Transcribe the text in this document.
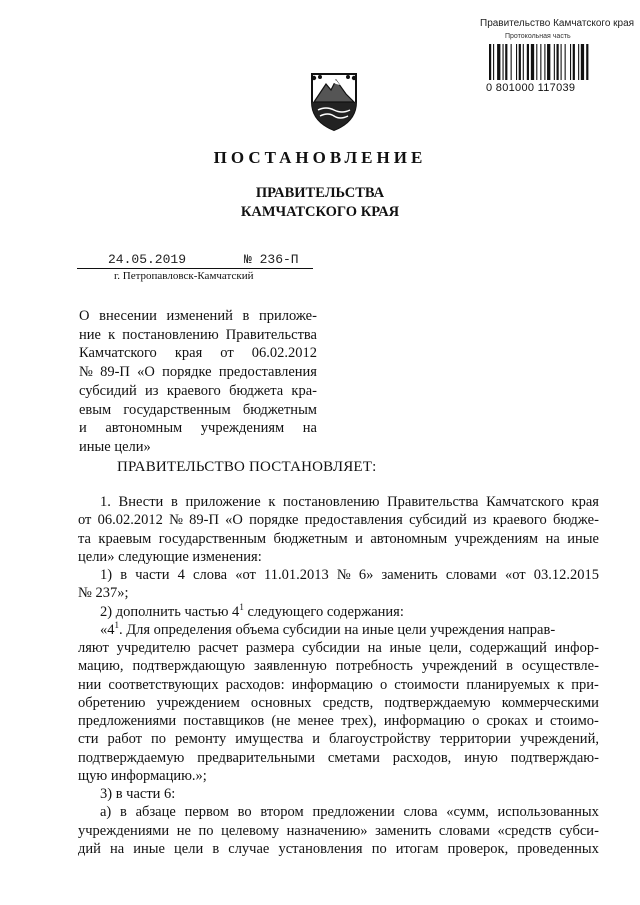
Правительство Камчатского края
Протокольная часть
0 801000 117039
ПОСТАНОВЛЕНИЕ
ПРАВИТЕЛЬСТВА
КАМЧАТСКОГО КРАЯ
24.05.2019	№ 236-П
г. Петропавловск-Камчатский
О внесении изменений в приложе-
ние к постановлению Правительства
Камчатского края от 06.02.2012
№ 89-П «О порядке предоставления
субсидий из краевого бюджета кра-
евым государственным бюджетным
и автономным учреждениям на
иные цели»
ПРАВИТЕЛЬСТВО ПОСТАНОВЛЯЕТ:
1. Внести в приложение к постановлению Правительства Камчатского края
от 06.02.2012 № 89-П «О порядке предоставления субсидий из краевого бюдже-
та краевым государственным бюджетным и автономным учреждениям на иные
цели» следующие изменения:
1) в части 4 слова «от 11.01.2013 № 6» заменить словами «от 03.12.2015
№ 237»;
2) дополнить частью $4^1$ следующего содержания:
«$4^1$. Для определения объема субсидии на иные цели учреждения направ-
ляют учредителю расчет размера субсидии на иные цели, содержащий инфор-
мацию, подтверждающую заявленную потребность учреждений в осуществле-
нии соответствующих расходов: информацию о стоимости планируемых к при-
обретению учреждением основных средств, подтверждаемую коммерческими
предложениями поставщиков (не менее трех), информацию о сроках и стоимо-
сти работ по ремонту имущества и благоустройству территории учреждений,
подтверждаемую предварительными сметами расходов, иную подтверждаю-
щую информацию.»;
3) в части 6:
а) в абзаце первом во втором предложении слова «сумм, использованных
учреждениями не по целевому назначению» заменить словами «средств субси-
дий на иные цели в случае установления по итогам проверок, проведенных
